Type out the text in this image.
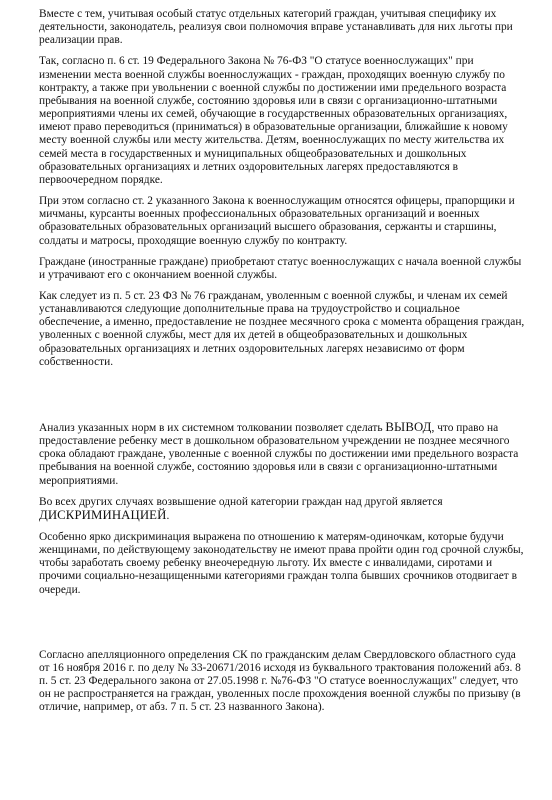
Вместе с тем, учитывая особый статус отдельных категорий граждан, учитывая специфику их деятельности, законодатель, реализуя свои полномочия вправе устанавливать для них льготы при реализации прав.

Так, согласно п. 6 ст. 19 Федерального Закона № 76-ФЗ "О статусе военнослужащих" при изменении места военной службы военнослужащих - граждан, проходящих военную службу по контракту, а также при увольнении с военной службы по достижении ими предельного возраста пребывания на военной службе, состоянию здоровья или в связи с организационно-штатными мероприятиями члены их семей, обучающие в государственных образовательных организациях, имеют право переводиться (приниматься) в образовательные организации, ближайшие к новому месту военной службы или месту жительства. Детям, военнослужащих по месту жительства их семей места в государственных и муниципальных общеобразовательных и дошкольных образовательных организациях и летних оздоровительных лагерях предоставляются в первоочередном порядке.

При этом согласно ст. 2 указанного Закона к военнослужащим относятся офицеры, прапорщики и мичманы, курсанты военных профессиональных образовательных организаций и военных образовательных образовательных организаций высшего образования, сержанты и старшины, солдаты и матросы, проходящие военную службу по контракту.

Граждане (иностранные граждане) приобретают статус военнослужащих с начала военной службы и утрачивают его с окончанием военной службы.

Как следует из п. 5 ст. 23 ФЗ № 76 гражданам, уволенным с военной службы, и членам их семей устанавливаются следующие дополнительные права на трудоустройство и социальное обеспечение, а именно, предоставление не позднее месячного срока с момента обращения граждан, уволенных с военной службы, мест для их детей в общеобразовательных и дошкольных образовательных организациях и летних оздоровительных лагерях независимо от форм собственности.

Анализ указанных норм в их системном толковании позволяет сделать ВЫВОД, что право на предоставление ребенку мест в дошкольном образовательном учреждении не позднее месячного срока обладают граждане, уволенные с военной службы по достижении ими предельного возраста пребывания на военной службе, состоянию здоровья или в связи с организационно-штатными мероприятиями.

Во всех других случаях возвышение одной категории граждан над другой является ДИСКРИМИНАЦИЕЙ.

Особенно ярко дискриминация выражена по отношению к матерям-одиночкам, которые будучи женщинами, по действующему законодательству не имеют права пройти один год срочной службы, чтобы заработать своему ребенку внеочередную льготу. Их вместе с инвалидами, сиротами и прочими социально-незащищенными категориями граждан толпа бывших срочников отодвигает в очереди.

Согласно апелляционного определения СК по гражданским делам Свердловского областного суда от 16 ноября 2016 г. по делу № 33-20671/2016 исходя из буквального трактования положений абз. 8 п. 5 ст. 23 Федерального закона от 27.05.1998 г. №76-ФЗ "О статусе военнослужащих" следует, что он не распространяется на граждан, уволенных после прохождения военной службы по призыву (в отличие, например, от абз. 7 п. 5 ст. 23 названного Закона).
